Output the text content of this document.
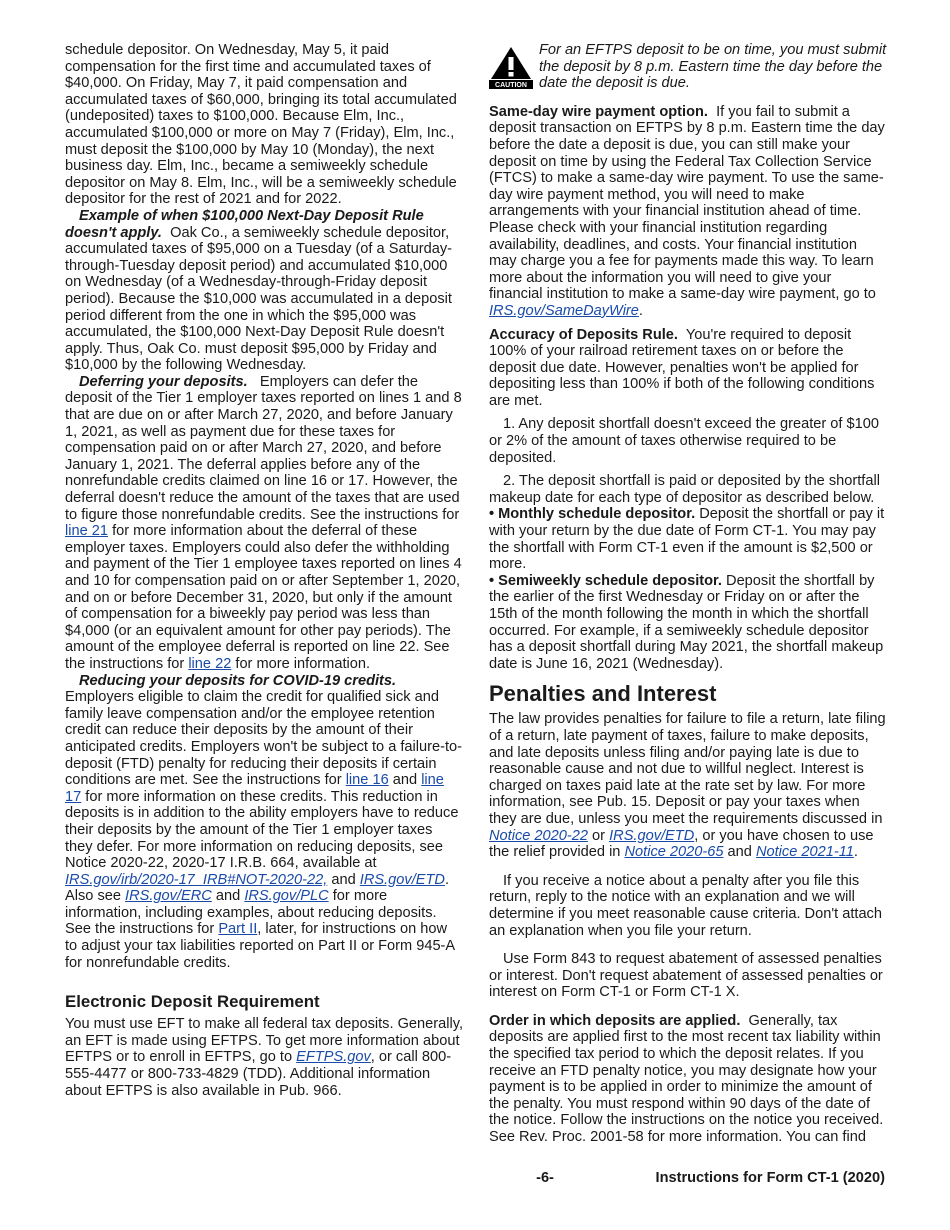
schedule depositor. On Wednesday, May 5, it paid compensation for the first time and accumulated taxes of $40,000. On Friday, May 7, it paid compensation and accumulated taxes of $60,000, bringing its total accumulated (undeposited) taxes to $100,000. Because Elm, Inc., accumulated $100,000 or more on May 7 (Friday), Elm, Inc., must deposit the $100,000 by May 10 (Monday), the next business day. Elm, Inc., became a semiweekly schedule depositor on May 8. Elm, Inc., will be a semiweekly schedule depositor for the rest of 2021 and for 2022.

Example of when $100,000 Next-Day Deposit Rule doesn't apply. Oak Co., a semiweekly schedule depositor, accumulated taxes of $95,000 on a Tuesday (of a Saturday-through-Tuesday deposit period) and accumulated $10,000 on Wednesday (of a Wednesday-through-Friday deposit period). Because the $10,000 was accumulated in a deposit period different from the one in which the $95,000 was accumulated, the $100,000 Next-Day Deposit Rule doesn't apply. Thus, Oak Co. must deposit $95,000 by Friday and $10,000 by the following Wednesday.

Deferring your deposits. Employers can defer the deposit of the Tier 1 employer taxes reported on lines 1 and 8 that are due on or after March 27, 2020, and before January 1, 2021, as well as payment due for these taxes for compensation paid on or after March 27, 2020, and before January 1, 2021. The deferral applies before any of the nonrefundable credits claimed on line 16 or 17. However, the deferral doesn't reduce the amount of the taxes that are used to figure those nonrefundable credits. See the instructions for line 21 for more information about the deferral of these employer taxes. Employers could also defer the withholding and payment of the Tier 1 employee taxes reported on lines 4 and 10 for compensation paid on or after September 1, 2020, and on or before December 31, 2020, but only if the amount of compensation for a biweekly pay period was less than $4,000 (or an equivalent amount for other pay periods). The amount of the employee deferral is reported on line 22. See the instructions for line 22 for more information.

Reducing your deposits for COVID-19 credits. Employers eligible to claim the credit for qualified sick and family leave compensation and/or the employee retention credit can reduce their deposits by the amount of their anticipated credits. Employers won't be subject to a failure-to-deposit (FTD) penalty for reducing their deposits if certain conditions are met. See the instructions for line 16 and line 17 for more information on these credits. This reduction in deposits is in addition to the ability employers have to reduce their deposits by the amount of the Tier 1 employer taxes they defer. For more information on reducing deposits, see Notice 2020-22, 2020-17 I.R.B. 664, available at IRS.gov/irb/2020-17_IRB#NOT-2020-22, and IRS.gov/ETD. Also see IRS.gov/ERC and IRS.gov/PLC for more information, including examples, about reducing deposits. See the instructions for Part II, later, for instructions on how to adjust your tax liabilities reported on Part II or Form 945-A for nonrefundable credits.

Electronic Deposit Requirement

You must use EFT to make all federal tax deposits. Generally, an EFT is made using EFTPS. To get more information about EFTPS or to enroll in EFTPS, go to EFTPS.gov, or call 800-555-4477 or 800-733-4829 (TDD). Additional information about EFTPS is also available in Pub. 966.

CAUTION
For an EFTPS deposit to be on time, you must submit the deposit by 8 p.m. Eastern time the day before the date the deposit is due.

Same-day wire payment option. If you fail to submit a deposit transaction on EFTPS by 8 p.m. Eastern time the day before the date a deposit is due, you can still make your deposit on time by using the Federal Tax Collection Service (FTCS) to make a same-day wire payment. To use the same-day wire payment method, you will need to make arrangements with your financial institution ahead of time. Please check with your financial institution regarding availability, deadlines, and costs. Your financial institution may charge you a fee for payments made this way. To learn more about the information you will need to give your financial institution to make a same-day wire payment, go to IRS.gov/SameDayWire.

Accuracy of Deposits Rule. You're required to deposit 100% of your railroad retirement taxes on or before the deposit due date. However, penalties won't be applied for depositing less than 100% if both of the following conditions are met.

1. Any deposit shortfall doesn't exceed the greater of $100 or 2% of the amount of taxes otherwise required to be deposited.

2. The deposit shortfall is paid or deposited by the shortfall makeup date for each type of depositor as described below.

• Monthly schedule depositor. Deposit the shortfall or pay it with your return by the due date of Form CT-1. You may pay the shortfall with Form CT-1 even if the amount is $2,500 or more.

• Semiweekly schedule depositor. Deposit the shortfall by the earlier of the first Wednesday or Friday on or after the 15th of the month following the month in which the shortfall occurred. For example, if a semiweekly schedule depositor has a deposit shortfall during May 2021, the shortfall makeup date is June 16, 2021 (Wednesday).

Penalties and Interest

The law provides penalties for failure to file a return, late filing of a return, late payment of taxes, failure to make deposits, and late deposits unless filing and/or paying late is due to reasonable cause and not due to willful neglect. Interest is charged on taxes paid late at the rate set by law. For more information, see Pub. 15. Deposit or pay your taxes when they are due, unless you meet the requirements discussed in Notice 2020-22 or IRS.gov/ETD, or you have chosen to use the relief provided in Notice 2020-65 and Notice 2021-11.

If you receive a notice about a penalty after you file this return, reply to the notice with an explanation and we will determine if you meet reasonable cause criteria. Don't attach an explanation when you file your return.

Use Form 843 to request abatement of assessed penalties or interest. Don't request abatement of assessed penalties or interest on Form CT-1 or Form CT-1 X.

Order in which deposits are applied. Generally, tax deposits are applied first to the most recent tax liability within the specified tax period to which the deposit relates. If you receive an FTD penalty notice, you may designate how your payment is to be applied in order to minimize the amount of the penalty. You must respond within 90 days of the date of the notice. Follow the instructions on the notice you received. See Rev. Proc. 2001-58 for more information. You can find

-6-	Instructions for Form CT-1 (2020)
